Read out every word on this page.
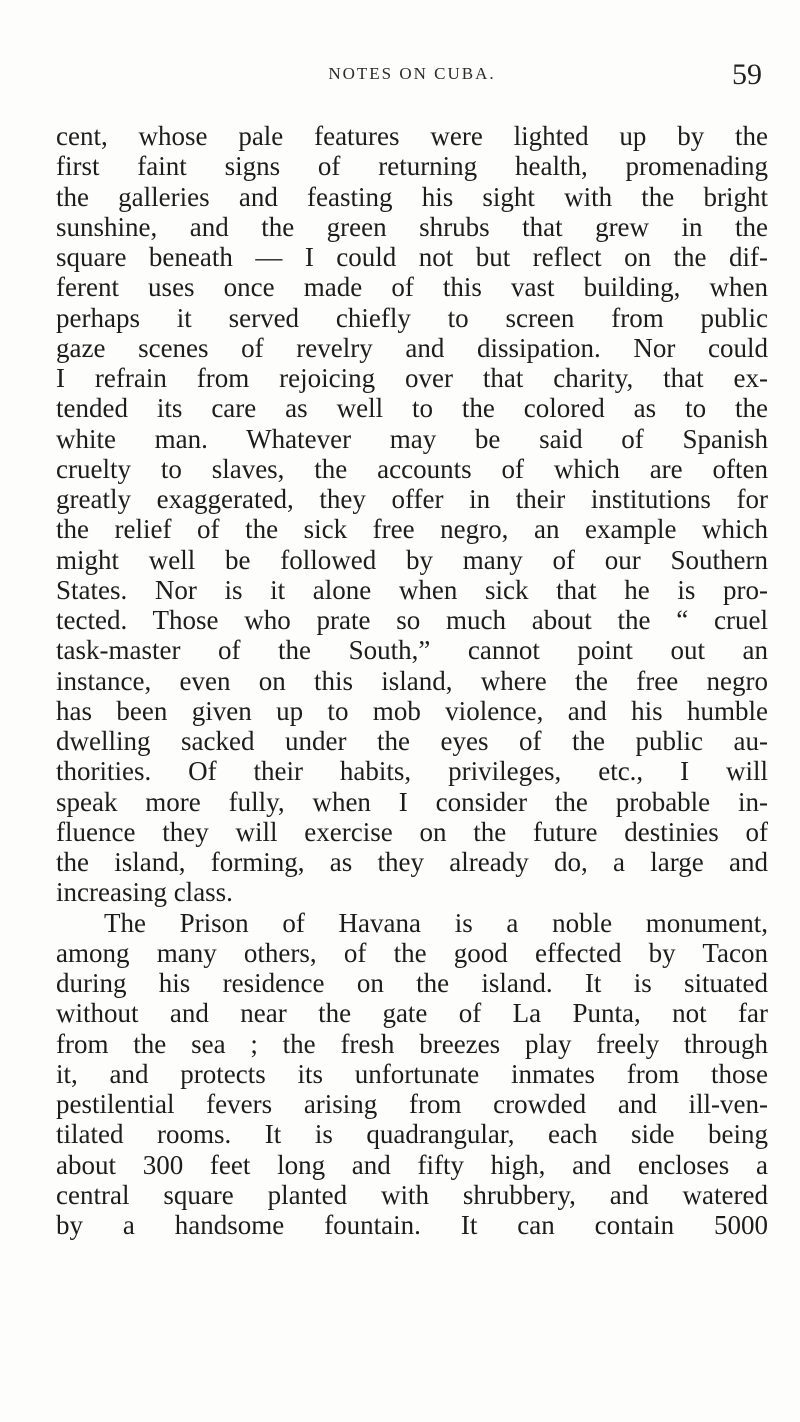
NOTES ON CUBA.	59
cent, whose pale features were lighted up by the
first faint signs of returning health, promenading
the galleries and feasting his sight with the bright
sunshine, and the green shrubs that grew in the
square beneath — I could not but reflect on the dif-
ferent uses once made of this vast building, when
perhaps it served chiefly to screen from public
gaze scenes of revelry and dissipation. Nor could
I refrain from rejoicing over that charity, that ex-
tended its care as well to the colored as to the
white man. Whatever may be said of Spanish
cruelty to slaves, the accounts of which are often
greatly exaggerated, they offer in their institutions for
the relief of the sick free negro, an example which
might well be followed by many of our Southern
States. Nor is it alone when sick that he is pro-
tected. Those who prate so much about the “ cruel
task-master of the South,” cannot point out an
instance, even on this island, where the free negro
has been given up to mob violence, and his humble
dwelling sacked under the eyes of the public au-
thorities. Of their habits, privileges, etc., I will
speak more fully, when I consider the probable in-
fluence they will exercise on the future destinies of
the island, forming, as they already do, a large and
increasing class.
The Prison of Havana is a noble monument,
among many others, of the good effected by Tacon
during his residence on the island. It is situated
without and near the gate of La Punta, not far
from the sea ; the fresh breezes play freely through
it, and protects its unfortunate inmates from those
pestilential fevers arising from crowded and ill-ven-
tilated rooms. It is quadrangular, each side being
about 300 feet long and fifty high, and encloses a
central square planted with shrubbery, and watered
by a handsome fountain. It can contain 5000
